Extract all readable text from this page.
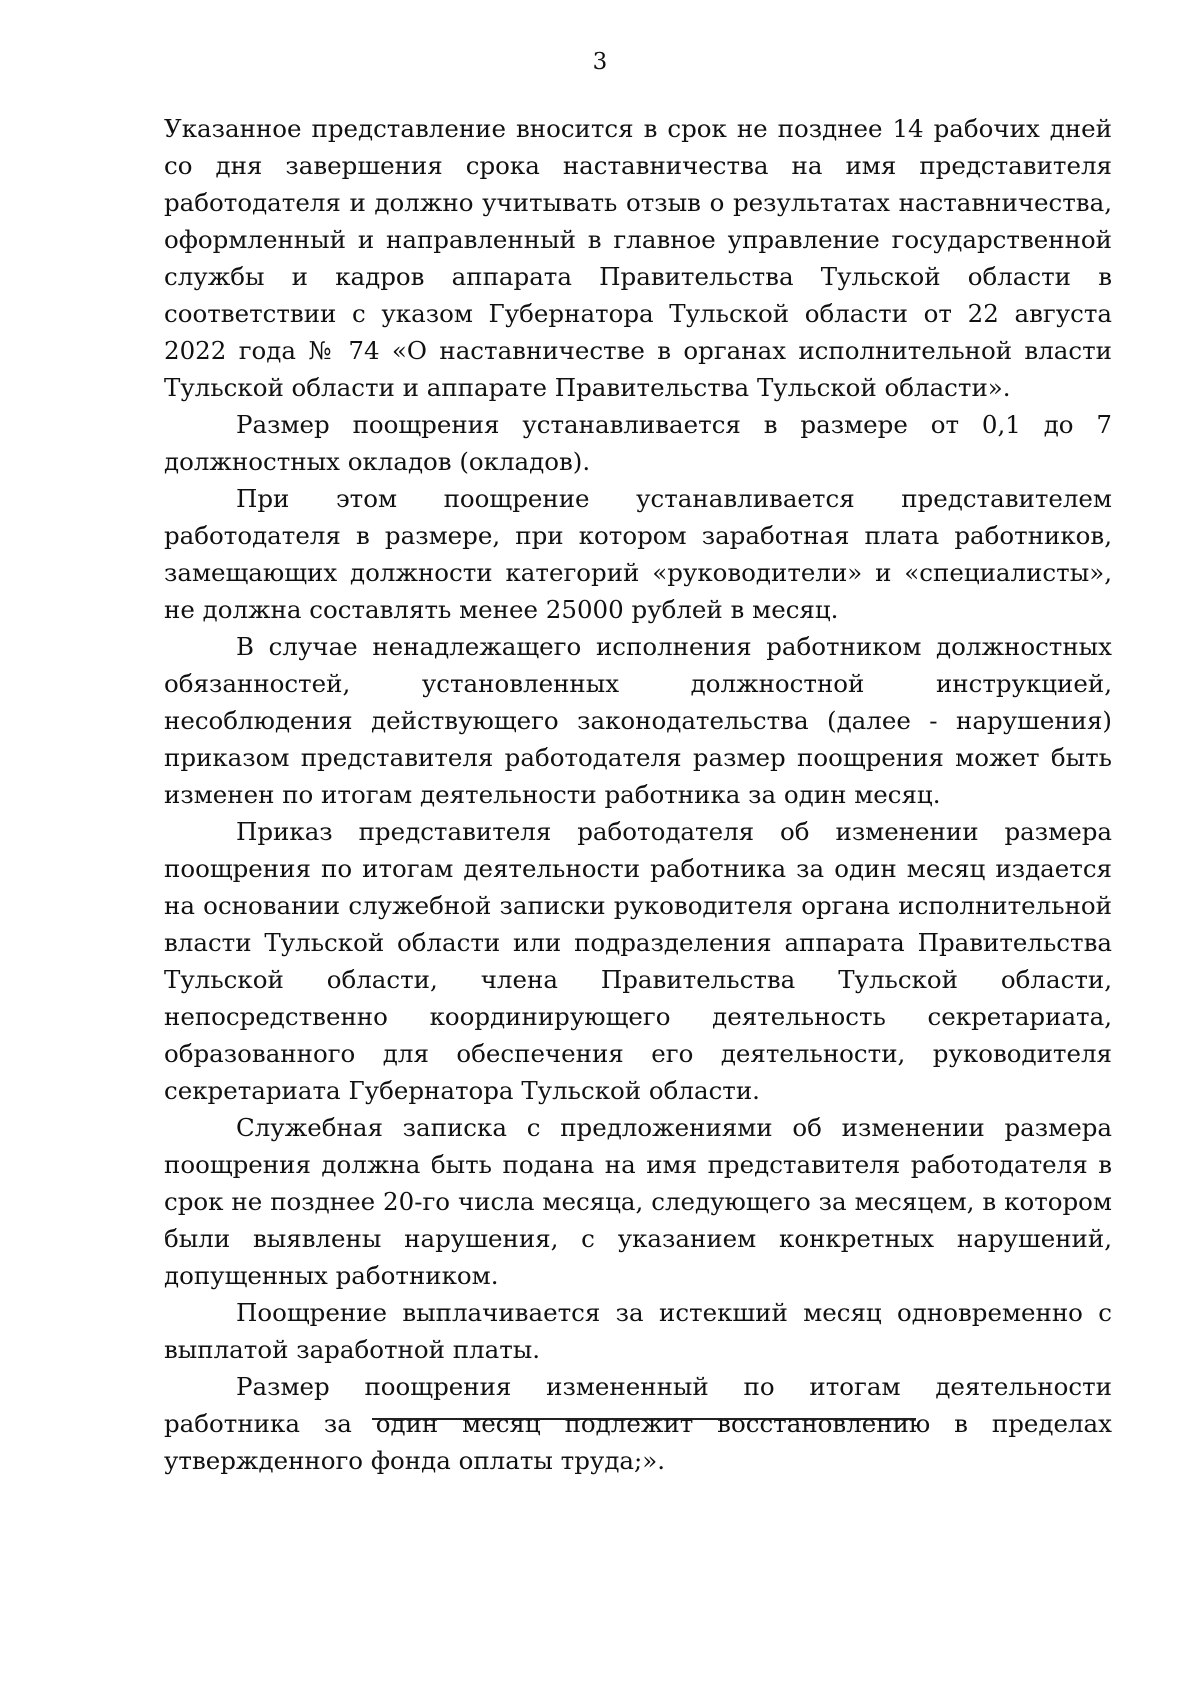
3

Указанное представление вносится в срок не позднее 14 рабочих дней со дня завершения срока наставничества на имя представителя работодателя и должно учитывать отзыв о результатах наставничества, оформленный и направленный в главное управление государственной службы и кадров аппарата Правительства Тульской области в соответствии с указом Губернатора Тульской области от 22 августа 2022 года № 74 «О наставничестве в органах исполнительной власти Тульской области и аппарате Правительства Тульской области».

Размер поощрения устанавливается в размере от 0,1 до 7 должностных окладов (окладов).

При этом поощрение устанавливается представителем работодателя в размере, при котором заработная плата работников, замещающих должности категорий «руководители» и «специалисты», не должна составлять менее 25000 рублей в месяц.

В случае ненадлежащего исполнения работником должностных обязанностей, установленных должностной инструкцией, несоблюдения действующего законодательства (далее - нарушения) приказом представителя работодателя размер поощрения может быть изменен по итогам деятельности работника за один месяц.

Приказ представителя работодателя об изменении размера поощрения по итогам деятельности работника за один месяц издается на основании служебной записки руководителя органа исполнительной власти Тульской области или подразделения аппарата Правительства Тульской области, члена Правительства Тульской области, непосредственно координирующего деятельность секретариата, образованного для обеспечения его деятельности, руководителя секретариата Губернатора Тульской области.

Служебная записка с предложениями об изменении размера поощрения должна быть подана на имя представителя работодателя в срок не позднее 20-го числа месяца, следующего за месяцем, в котором были выявлены нарушения, с указанием конкретных нарушений, допущенных работником.

Поощрение выплачивается за истекший месяц одновременно с выплатой заработной платы.

Размер поощрения измененный по итогам деятельности работника за один месяц подлежит восстановлению в пределах утвержденного фонда оплаты труда;».
